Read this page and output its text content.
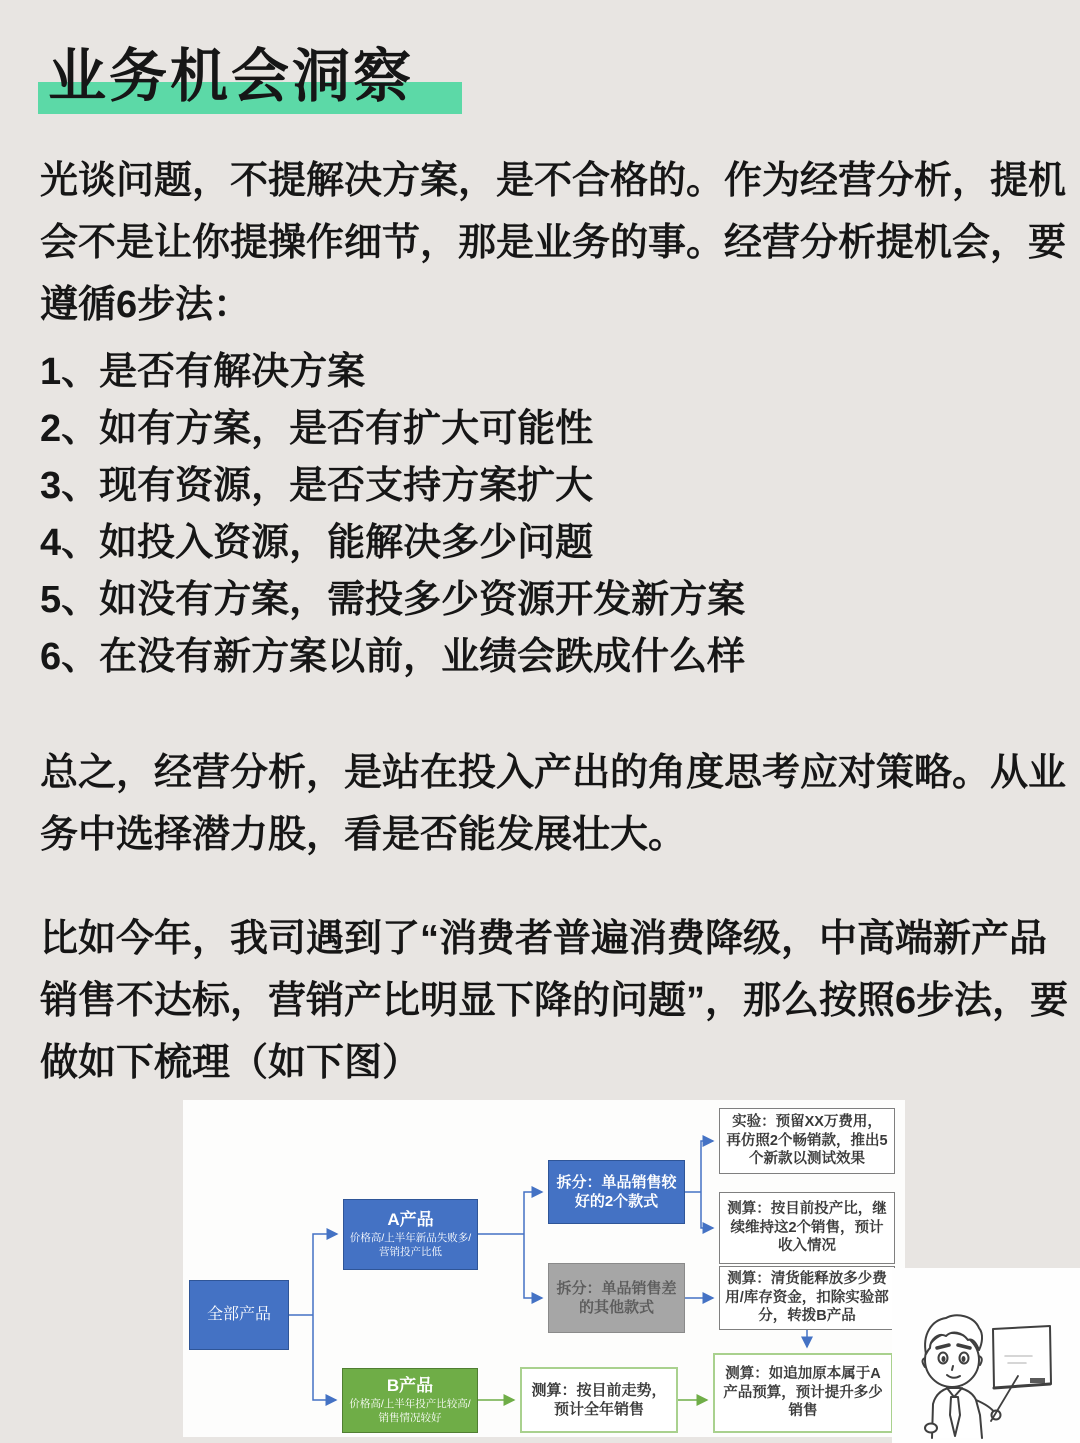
业务机会洞察
光谈问题，不提解决方案，是不合格的。作为经营分析，提机
会不是让你提操作细节，那是业务的事。经营分析提机会，要
遵循6步法：
1、是否有解决方案
2、如有方案，是否有扩大可能性
3、现有资源，是否支持方案扩大
4、如投入资源，能解决多少问题
5、如没有方案，需投多少资源开发新方案
6、在没有新方案以前，业绩会跌成什么样
总之，经营分析，是站在投入产出的角度思考应对策略。从业
务中选择潜力股，看是否能发展壮大。
比如今年，我司遇到了“消费者普遍消费降级，中高端新产品
销售不达标，营销产比明显下降的问题”，那么按照6步法，要
做如下梳理（如下图）
全部产品
A产品
价格高/上半年新品失败多/营销投产比低
B产品
价格高/上半年投产比较高/销售情况较好
拆分：单品销售较好的2个款式
拆分：单品销售差的其他款式
实验：预留XX万费用，再仿照2个畅销款，推出5个新款以测试效果
测算：按目前投产比，继续维持这2个销售，预计收入情况
测算：清货能释放多少费用/库存资金，扣除实验部分，转拨B产品
测算：按目前走势，预计全年销售
测算：如追加原本属于A产品预算，预计提升多少销售
